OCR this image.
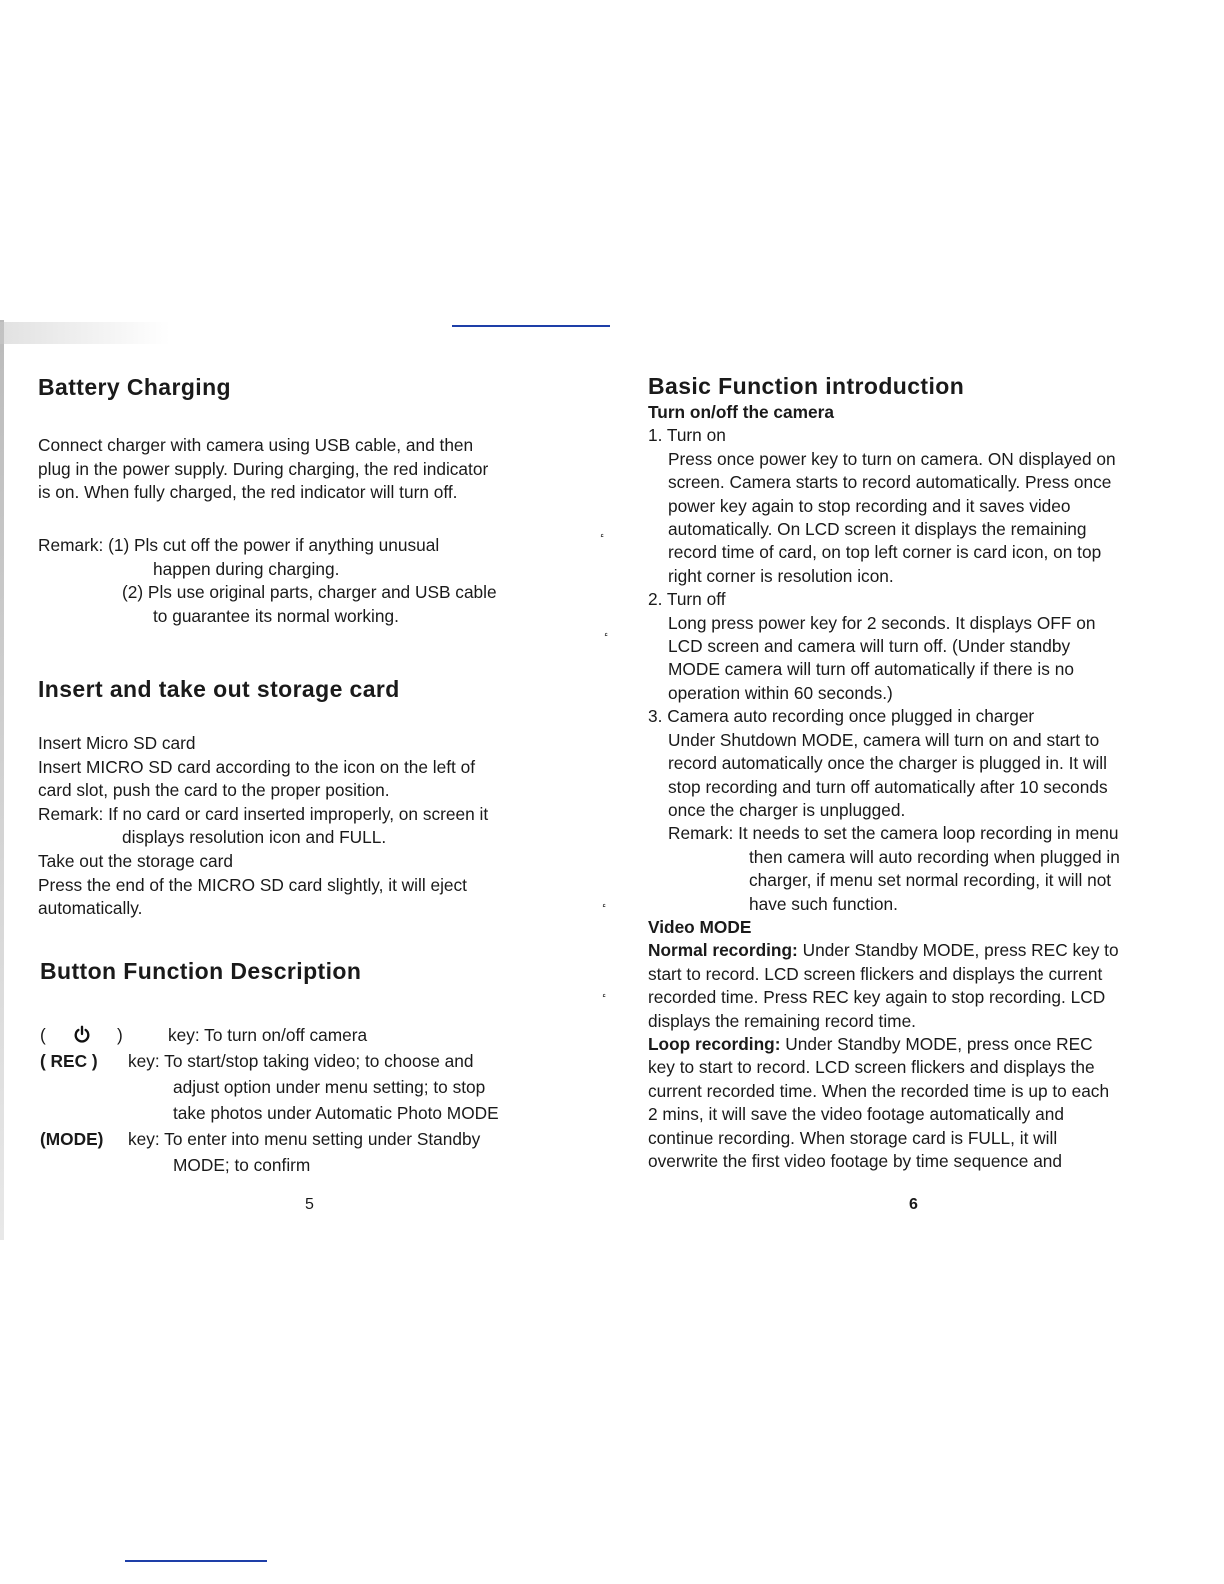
Battery Charging
Connect charger with camera using USB cable, and then
plug in the power supply. During charging, the red indicator
is on. When fully charged, the red indicator will turn off.
Remark: (1) Pls cut off the power if anything unusual
happen during charging.
(2) Pls use original parts, charger and USB cable
to guarantee its normal working.
Insert and take out storage card
Insert Micro SD card
Insert MICRO SD card according to the icon on the left of
card slot, push the card to the proper position.
Remark: If no card or card inserted improperly, on screen it
displays resolution icon and FULL.
Take out the storage card
Press the end of the MICRO SD card slightly, it will eject
automatically.
Button Function Description
(	)	key: To turn on/off camera
( REC )	key: To start/stop taking video; to choose and
adjust option under menu setting; to stop
take photos under Automatic Photo MODE
(MODE)	key: To enter into menu setting under Standby
MODE; to confirm
5
ٴ
ٴ
ٴ
ٴ
Basic Function introduction
Turn on/off the camera
1. Turn on
Press once power key to turn on camera. ON displayed on
screen. Camera starts to record automatically. Press once
power key again to stop recording and it saves video
automatically. On LCD screen it displays the remaining
record time of card, on top left corner is card icon, on top
right corner is resolution icon.
2. Turn off
Long press power key for 2 seconds. It displays OFF on
LCD screen and camera will turn off. (Under standby
MODE camera will turn off automatically if there is no
operation within 60 seconds.)
3. Camera auto recording once plugged in charger
Under Shutdown MODE, camera will turn on and start to
record automatically once the charger is plugged in. It will
stop recording and turn off automatically after 10 seconds
once the charger is unplugged.
Remark: It needs to set the camera loop recording in menu
then camera will auto recording when plugged in
charger, if menu set normal recording, it will not
have such function.
Video MODE
Normal recording: Under Standby MODE, press REC key to
start to record. LCD screen flickers and displays the current
recorded time. Press REC key again to stop recording. LCD
displays the remaining record time.
Loop recording: Under Standby MODE, press once REC
key to start to record. LCD screen flickers and displays the
current recorded time. When the recorded time is up to each
2 mins, it will save the video footage automatically and
continue recording. When storage card is FULL, it will
overwrite the first video footage by time sequence and
6
